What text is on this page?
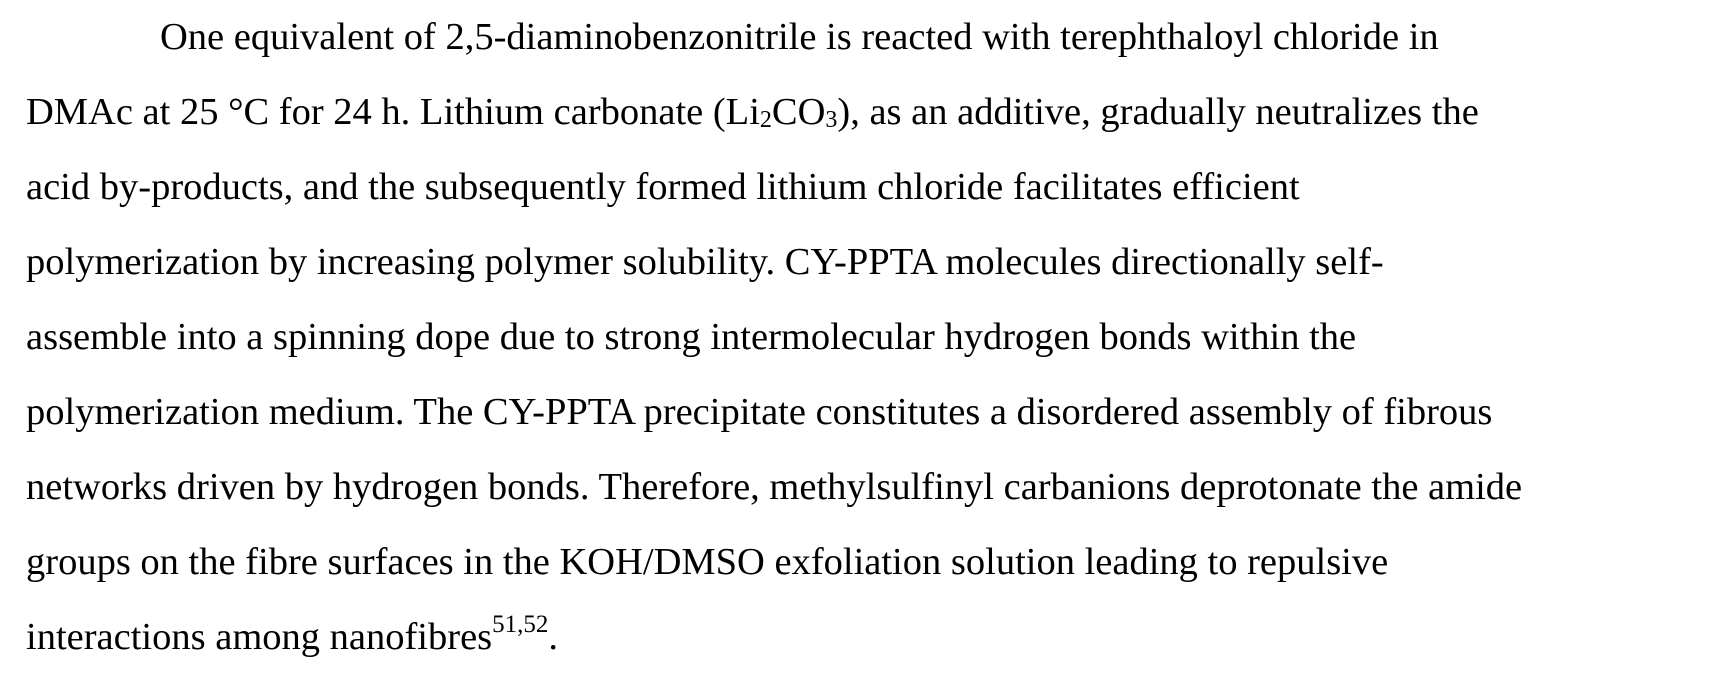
One equivalent of 2,5-diaminobenzonitrile is reacted with terephthaloyl chloride in
DMAc at 25 °C for 24 h. Lithium carbonate $(Li_2CO_3)$, as an additive, gradually neutralizes the
acid by-products, and the subsequently formed lithium chloride facilitates efficient
polymerization by increasing polymer solubility. CY-PPTA molecules directionally self-
assemble into a spinning dope due to strong intermolecular hydrogen bonds within the
polymerization medium. The CY-PPTA precipitate constitutes a disordered assembly of fibrous
networks driven by hydrogen bonds. Therefore, methylsulfinyl carbanions deprotonate the amide
groups on the fibre surfaces in the KOH/DMSO exfoliation solution leading to repulsive
interactions among nanofibres$^{51,52}$.
